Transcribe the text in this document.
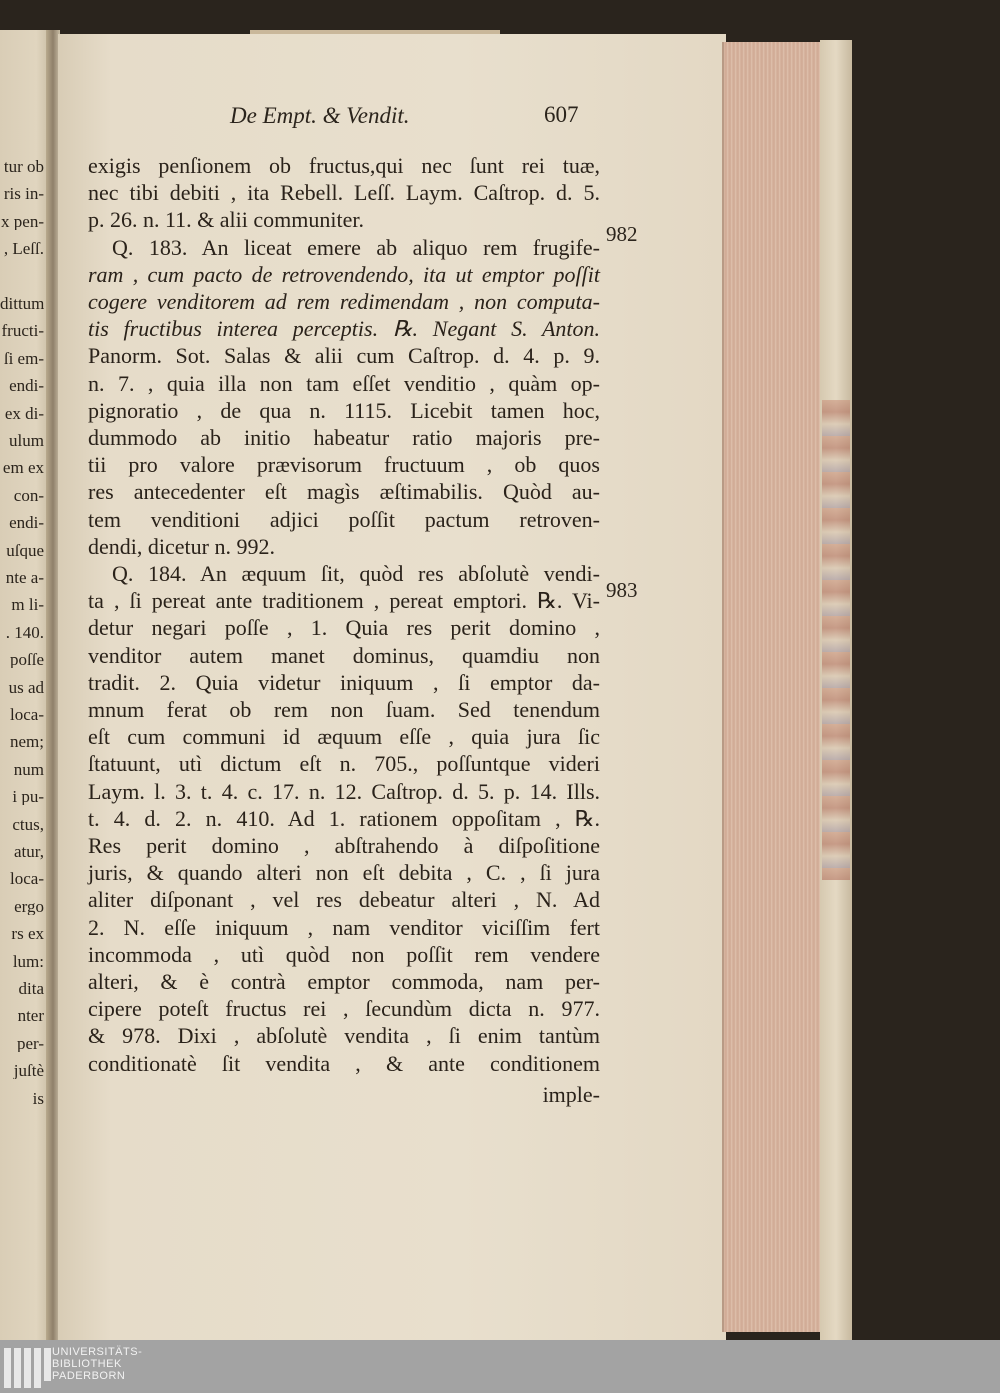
tur ob
ris in-
x pen-
, Leſſ.
dittum
fructi-
ſi em-
endi-
ex di-
ulum
em ex
con-
endi-
uſque
nte a-
m li-
. 140.
poſſe
us ad
loca-
nem;
num
i pu-
ctus,
atur,
loca-
ergo
rs ex
lum:
dita
nter
per-
juſtè
is
De Empt. & Vendit.	607
exigis penſionem ob fructus,qui nec ſunt rei tuæ,
nec tibi debiti , ita Rebell. Leſſ. Laym. Caſtrop. d. 5.
p. 26. n. 11. & alii communiter.
Q. 183. An liceat emere ab aliquo rem frugife-
ram , cum pacto de retrovendendo, ita ut emptor poſſit
cogere venditorem ad rem redimendam , non computa-
tis fructibus interea perceptis. ℞. Negant S. Anton.
Panorm. Sot. Salas & alii cum Caſtrop. d. 4. p. 9.
n. 7. , quia illa non tam eſſet venditio , quàm op-
pignoratio , de qua n. 1115. Licebit tamen hoc,
dummodo ab initio habeatur ratio majoris pre-
tii pro valore prævisorum fructuum , ob quos
res antecedenter eſt magìs æſtimabilis. Quòd au-
tem venditioni adjici poſſit pactum retroven-
dendi, dicetur n. 992.
Q. 184. An æquum ſit, quòd res abſolutè vendi-
ta , ſi pereat ante traditionem , pereat emptori. ℞. Vi-
detur negari poſſe , 1. Quia res perit domino ,
venditor autem manet dominus, quamdiu non
tradit. 2. Quia videtur iniquum , ſi emptor da-
mnum ferat ob rem non ſuam. Sed tenendum
eſt cum communi id æquum eſſe , quia jura ſic
ſtatuunt, utì dictum eſt n. 705., poſſuntque videri
Laym. l. 3. t. 4. c. 17. n. 12. Caſtrop. d. 5. p. 14. Ills.
t. 4. d. 2. n. 410. Ad 1. rationem oppoſitam , ℞.
Res perit domino , abſtrahendo à diſpoſitione
juris, & quando alteri non eſt debita , C. , ſi jura
aliter diſponant , vel res debeatur alteri , N. Ad
2. N. eſſe iniquum , nam venditor viciſſim fert
incommoda , utì quòd non poſſit rem vendere
alteri, & è contrà emptor commoda, nam per-
cipere poteſt fructus rei , ſecundùm dicta n. 977.
& 978. Dixi , abſolutè vendita , ſi enim tantùm
conditionatè ſit vendita , & ante conditionem
982
983
imple-
UNIVERSITÄTS-
BIBLIOTHEK
PADERBORN
